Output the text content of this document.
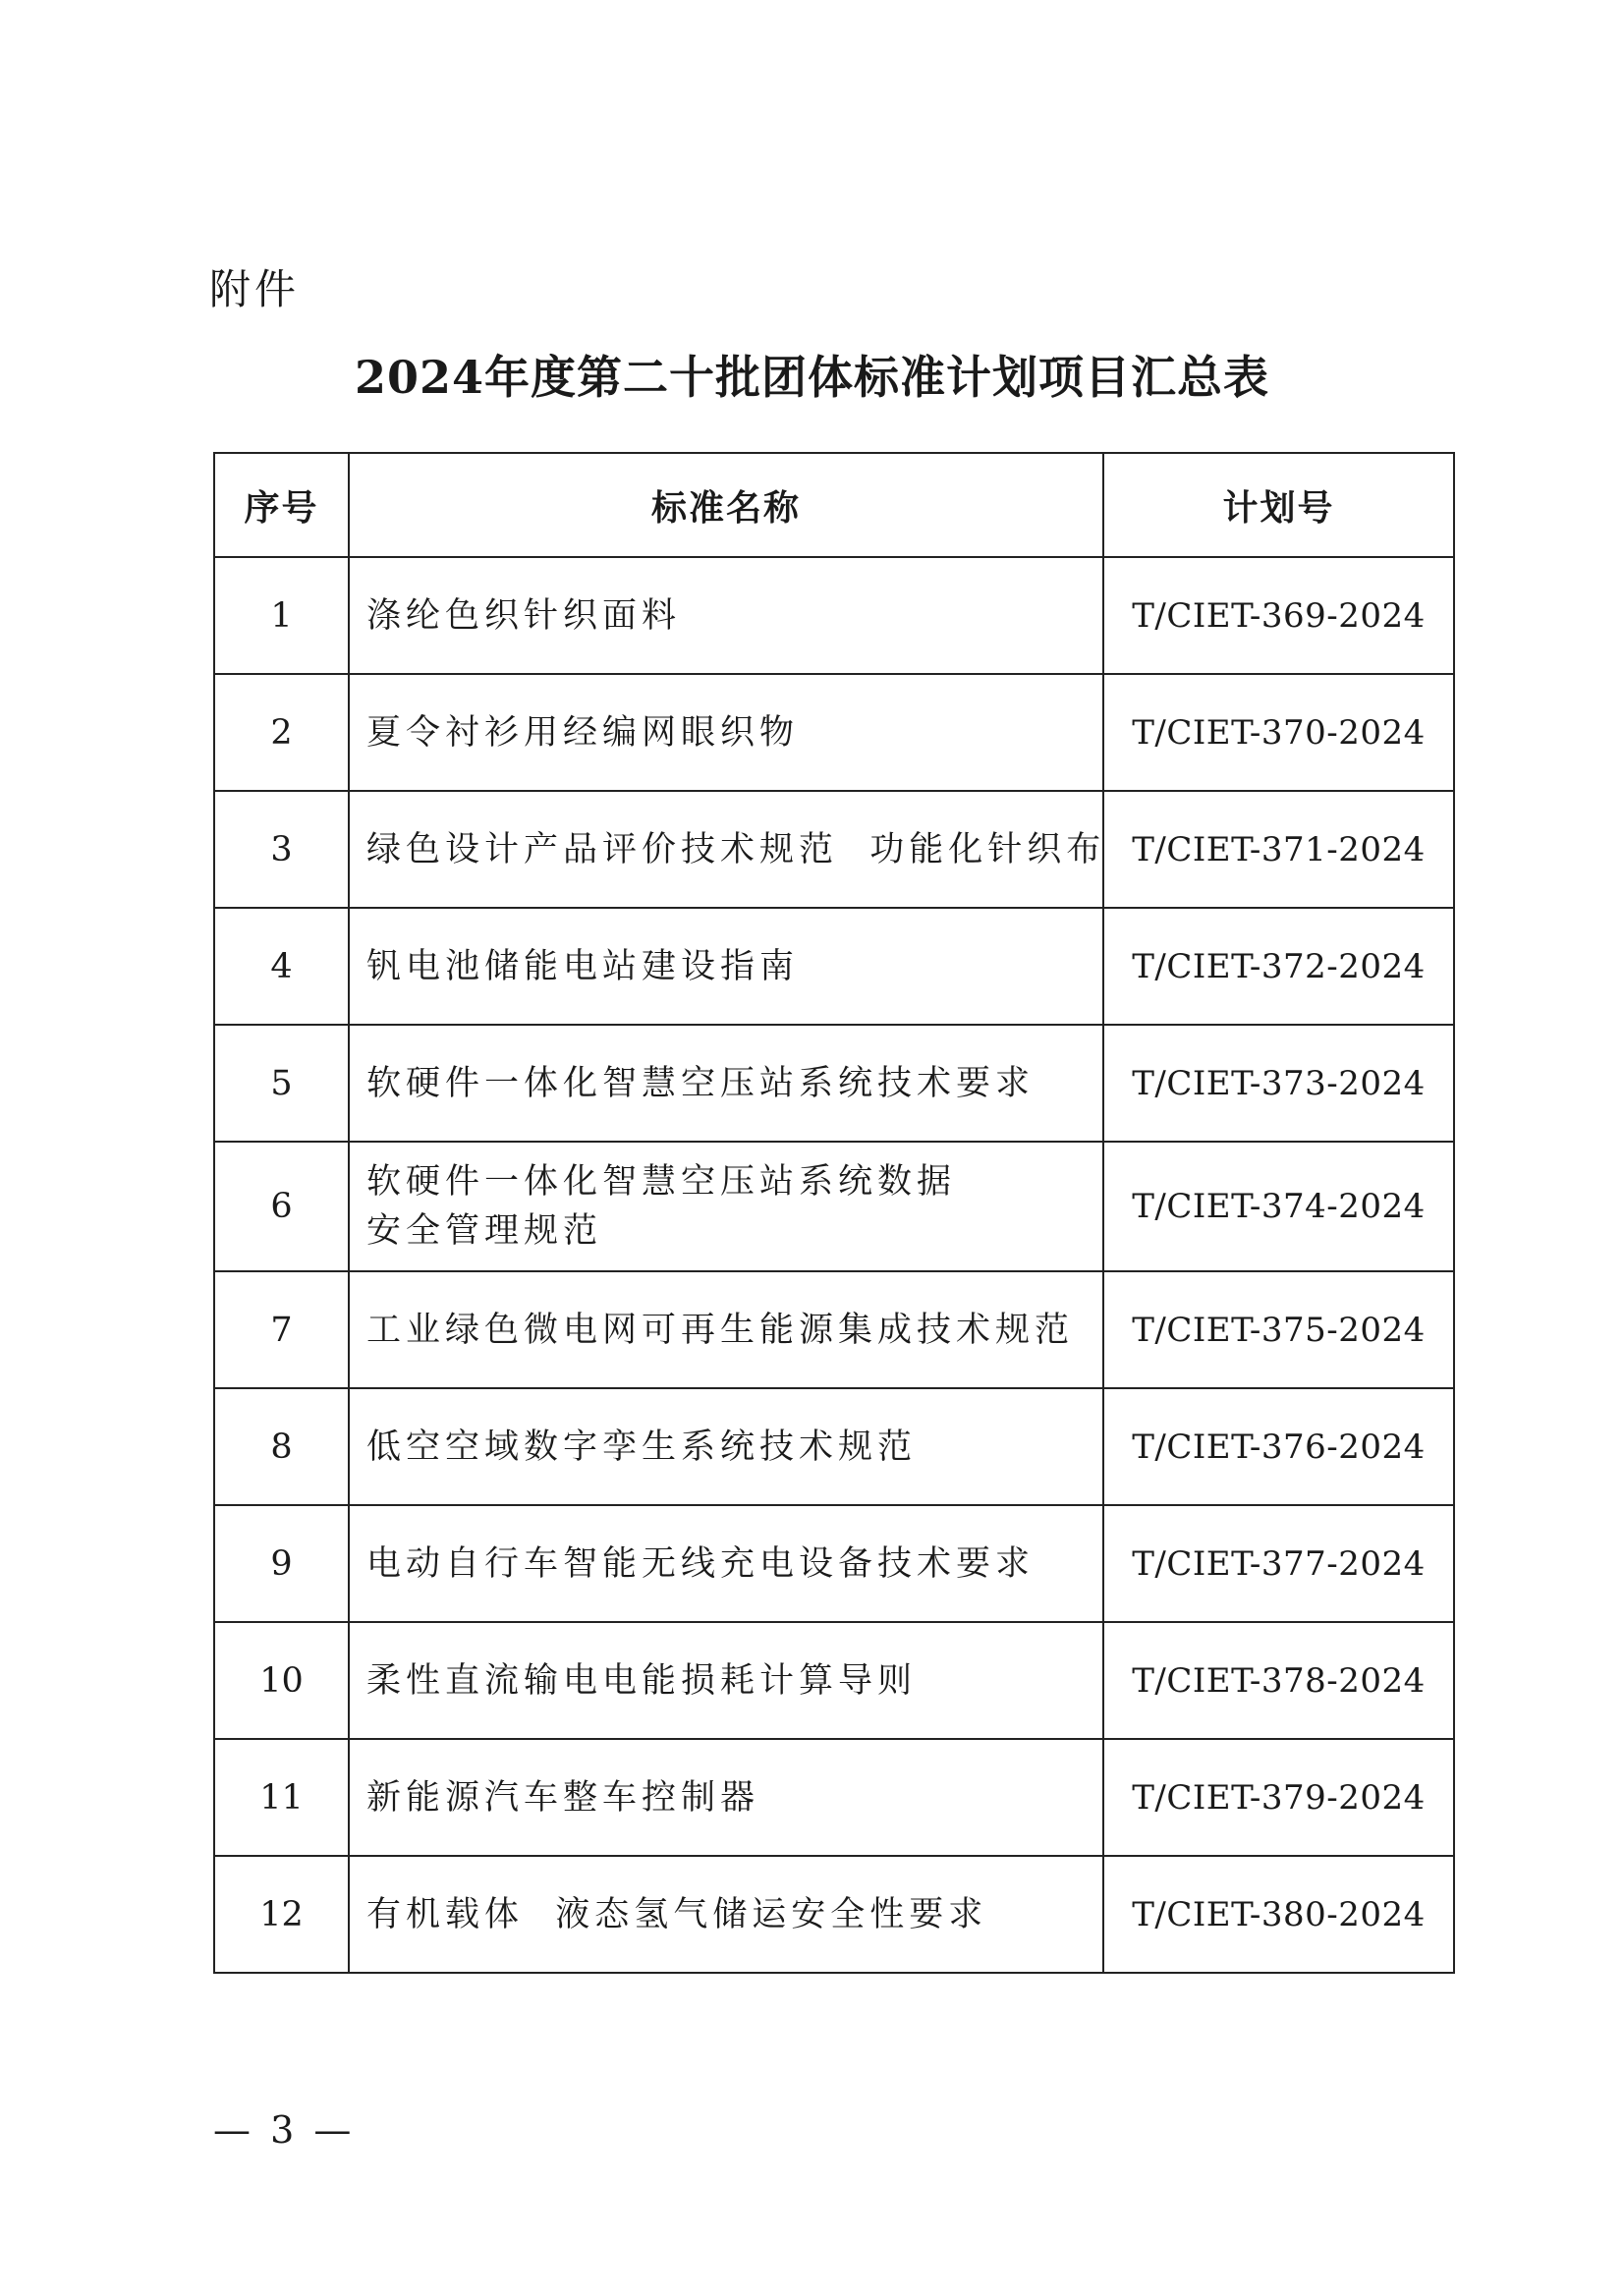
附件
2024年度第二十批团体标准计划项目汇总表
序号	标准名称	计划号
1	涤纶色织针织面料	T/CIET-369-2024
2	夏令衬衫用经编网眼织物	T/CIET-370-2024
3	绿色设计产品评价技术规范  功能化针织布	T/CIET-371-2024
4	钒电池储能电站建设指南	T/CIET-372-2024
5	软硬件一体化智慧空压站系统技术要求	T/CIET-373-2024
6	软硬件一体化智慧空压站系统数据
安全管理规范	T/CIET-374-2024
7	工业绿色微电网可再生能源集成技术规范	T/CIET-375-2024
8	低空空域数字孪生系统技术规范	T/CIET-376-2024
9	电动自行车智能无线充电设备技术要求	T/CIET-377-2024
10	柔性直流输电电能损耗计算导则	T/CIET-378-2024
11	新能源汽车整车控制器	T/CIET-379-2024
12	有机载体  液态氢气储运安全性要求	T/CIET-380-2024
— 3 —
